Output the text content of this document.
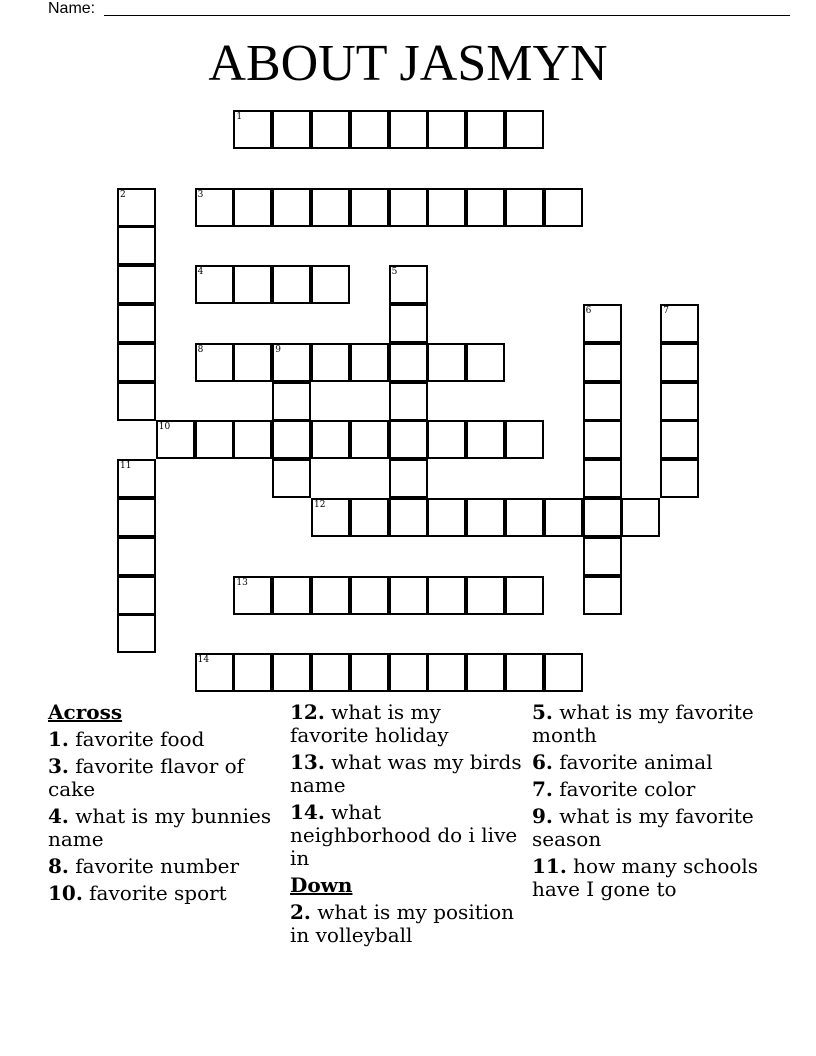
Name:
ABOUT JASMYN
1
2	3
4	5
6	7
8	9
10
11
12
13
14
Across
1. favorite food
3. favorite flavor of cake
4. what is my bunnies name
8. favorite number
10. favorite sport
12. what is my favorite holiday
13. what was my birds name
14. what neighborhood do i live in
Down
2. what is my position in volleyball
5. what is my favorite month
6. favorite animal
7. favorite color
9. what is my favorite season
11. how many schools have I gone to
